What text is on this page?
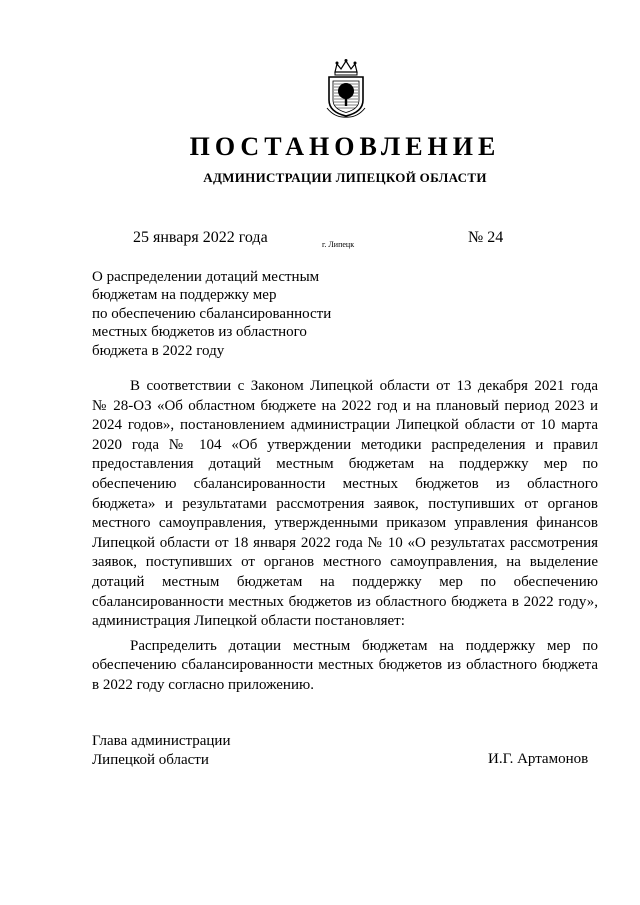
ПОСТАНОВЛЕНИЕ
АДМИНИСТРАЦИИ ЛИПЕЦКОЙ ОБЛАСТИ
25 января 2022 года	г. Липецк	№ 24
О распределении дотаций местным
бюджетам на поддержку мер
по обеспечению сбалансированности
местных бюджетов из областного
бюджета в 2022 году
В соответствии с Законом Липецкой области от 13 декабря 2021 года
№ 28-ОЗ «Об областном бюджете на 2022 год и на плановый период 2023 и
2024 годов», постановлением администрации Липецкой области от 10 марта
2020 года № 104 «Об утверждении методики распределения и правил
предоставления дотаций местным бюджетам на поддержку мер по
обеспечению сбалансированности местных бюджетов из областного
бюджета» и результатами рассмотрения заявок, поступивших от органов
местного самоуправления, утвержденными приказом управления финансов
Липецкой области от 18 января 2022 года № 10 «О результатах рассмотрения
заявок, поступивших от органов местного самоуправления, на выделение
дотаций местным бюджетам на поддержку мер по обеспечению
сбалансированности местных бюджетов из областного бюджета в 2022 году»,
администрация Липецкой области постановляет:
Распределить дотации местным бюджетам на поддержку мер по
обеспечению сбалансированности местных бюджетов из областного бюджета
в 2022 году согласно приложению.
Глава администрации
Липецкой области	И.Г. Артамонов
